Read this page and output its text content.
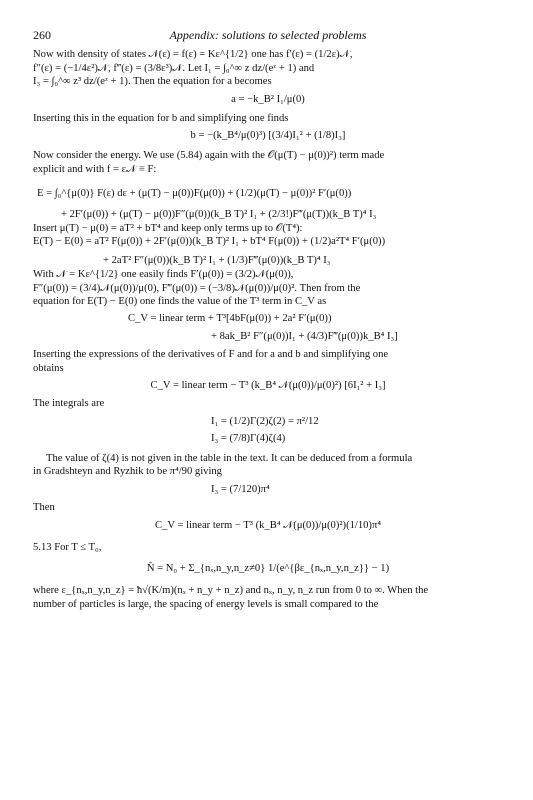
260	Appendix: solutions to selected problems

Now with density of states 𝒩(ε) = f(ε) = Kε^{1/2} one has f′(ε) = (1/2ε)𝒩,

f″(ε) = (−1/4ε²)𝒩, f‴(ε) = (3/8ε³)𝒩. Let I₁ = ∫₀^∞ z dz/(eᶻ + 1) and

I₃ = ∫₀^∞ z³ dz/(eᶻ + 1). Then the equation for a becomes

a = −k_B² I₁/μ(0)

Inserting this in the equation for b and simplifying one finds

b = −(k_B⁴/μ(0)³) [(3/4)I₁² + (1/8)I₃]

Now consider the energy. We use (5.84) again with the 𝒪(μ(T) − μ(0))²) term made

explicit and with f = ε𝒩 ≡ F:

E = ∫₀^{μ(0)} F(ε) dε + (μ(T) − μ(0))F(μ(0)) + (1/2)(μ(T) − μ(0))² F′(μ(0))

+ 2F′(μ(0)) + (μ(T) − μ(0))F″(μ(0))(k_B T)² I₁ + (2/3!)F‴(μ(T))(k_B T)⁴ I₃

Insert μ(T) − μ(0) = aT² + bT⁴ and keep only terms up to 𝒪(T⁴):

E(T) − E(0) = aT² F(μ(0)) + 2F′(μ(0))(k_B T)² I₁ + bT⁴ F(μ(0)) + (1/2)a²T⁴ F′(μ(0))

+ 2aT² F″(μ(0))(k_B T)² I₁ + (1/3)F‴(μ(0))(k_B T)⁴ I₃

With 𝒩 = Kε^{1/2} one easily finds F′(μ(0)) = (3/2)𝒩(μ(0)),

F″(μ(0)) = (3/4)𝒩(μ(0))/μ(0), F‴(μ(0)) = (−3/8)𝒩(μ(0))/μ(0)². Then from the

equation for E(T) − E(0) one finds the value of the T³ term in C_V as

C_V = linear term + T³[4bF(μ(0)) + 2a² F′(μ(0))

+ 8ak_B² F″(μ(0))I₁ + (4/3)F‴(μ(0))k_B⁴ I₃]

Inserting the expressions of the derivatives of F and for a and b and simplifying one

obtains

C_V = linear term − T³ (k_B⁴ 𝒩(μ(0))/μ(0)²) [6I₁² + I₃]

The integrals are

I₁ = (1/2)Γ(2)ζ(2) = π²/12

I₃ = (7/8)Γ(4)ζ(4)

The value of ζ(4) is not given in the table in the text. It can be deduced from a formula

in Gradshteyn and Ryzhik to be π⁴/90 giving

I₃ = (7/120)π⁴

Then

C_V = linear term − T³ (k_B⁴ 𝒩(μ(0))/μ(0)²)(1/10)π⁴

5.13 For T ≤ T₀,

N̄ = N₀ + Σ_{nₓ,n_y,n_z≠0} 1/(e^{βε_{nₓ,n_y,n_z}} − 1)

where ε_{nₓ,n_y,n_z} = ħ√(K/m)(nₓ + n_y + n_z) and nₓ, n_y, n_z run from 0 to ∞. When the

number of particles is large, the spacing of energy levels is small compared to the
